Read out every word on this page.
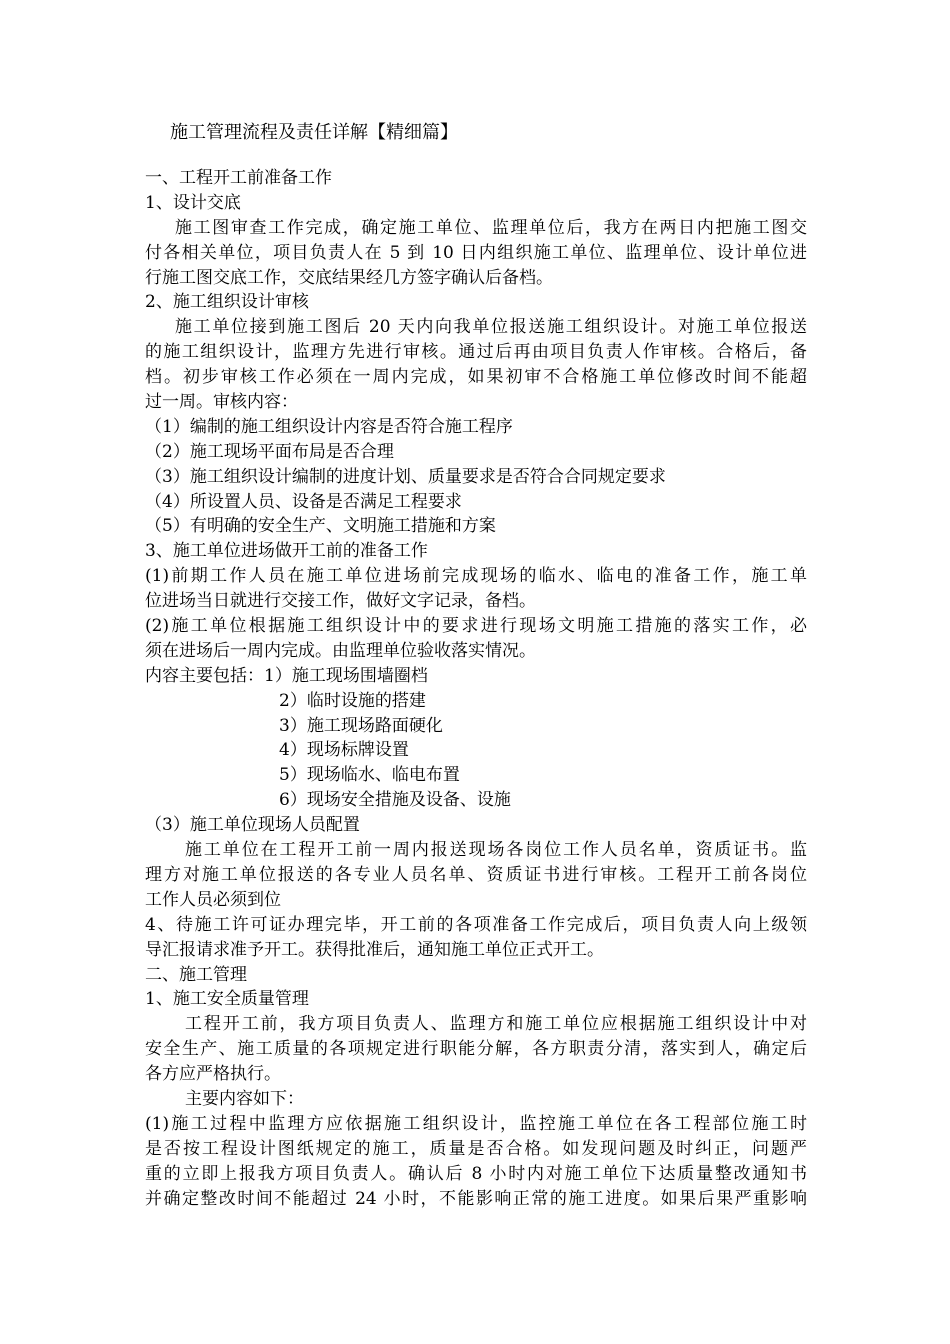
施工管理流程及责任详解【精细篇】
一、工程开工前准备工作
1、设计交底
施工图审查工作完成，确定施工单位、监理单位后，我方在两日内把施工图交
付各相关单位，项目负责人在 5 到 10 日内组织施工单位、监理单位、设计单位进
行施工图交底工作，交底结果经几方签字确认后备档。
2、施工组织设计审核
施工单位接到施工图后 20 天内向我单位报送施工组织设计。对施工单位报送
的施工组织设计，监理方先进行审核。通过后再由项目负责人作审核。合格后，备
档。初步审核工作必须在一周内完成，如果初审不合格施工单位修改时间不能超
过一周。审核内容：
（1）编制的施工组织设计内容是否符合施工程序
（2）施工现场平面布局是否合理
（3）施工组织设计编制的进度计划、质量要求是否符合合同规定要求
（4）所设置人员、设备是否满足工程要求
（5）有明确的安全生产、文明施工措施和方案
3、施工单位进场做开工前的准备工作
(1)前期工作人员在施工单位进场前完成现场的临水、临电的准备工作，施工单
位进场当日就进行交接工作，做好文字记录，备档。
(2)施工单位根据施工组织设计中的要求进行现场文明施工措施的落实工作，必
须在进场后一周内完成。由监理单位验收落实情况。
内容主要包括：1）施工现场围墙圈档
2）临时设施的搭建
3）施工现场路面硬化
4）现场标牌设置
5）现场临水、临电布置
6）现场安全措施及设备、设施
（3）施工单位现场人员配置
施工单位在工程开工前一周内报送现场各岗位工作人员名单，资质证书。监
理方对施工单位报送的各专业人员名单、资质证书进行审核。工程开工前各岗位
工作人员必须到位
4、待施工许可证办理完毕，开工前的各项准备工作完成后，项目负责人向上级领
导汇报请求准予开工。获得批准后，通知施工单位正式开工。
二、施工管理
1、施工安全质量管理
工程开工前，我方项目负责人、监理方和施工单位应根据施工组织设计中对
安全生产、施工质量的各项规定进行职能分解，各方职责分清，落实到人，确定后
各方应严格执行。
主要内容如下：
(1)施工过程中监理方应依据施工组织设计，监控施工单位在各工程部位施工时
是否按工程设计图纸规定的施工，质量是否合格。如发现问题及时纠正，问题严
重的立即上报我方项目负责人。确认后 8 小时内对施工单位下达质量整改通知书
并确定整改时间不能超过 24 小时，不能影响正常的施工进度。如果后果严重影响
